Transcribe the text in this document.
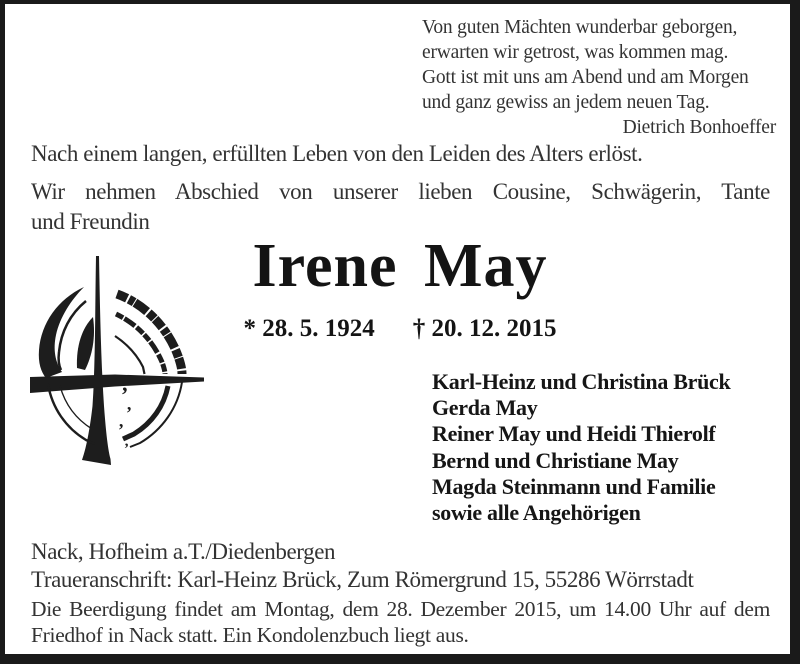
Von guten Mächten wunderbar geborgen,
erwarten wir getrost, was kommen mag.
Gott ist mit uns am Abend und am Morgen
und ganz gewiss an jedem neuen Tag.
Dietrich Bonhoeffer
Nach einem langen, erfüllten Leben von den Leiden des Alters erlöst.
Wir nehmen Abschied von unserer lieben Cousine, Schwägerin, Tante
und Freundin
Irene May
* 28. 5. 1924 † 20. 12. 2015
’
’
’
’
Karl-Heinz und Christina Brück
Gerda May
Reiner May und Heidi Thierolf
Bernd und Christiane May
Magda Steinmann und Familie
sowie alle Angehörigen
Nack, Hofheim a.T./Diedenbergen
Traueranschrift: Karl-Heinz Brück, Zum Römergrund 15, 55286 Wörrstadt
Die Beerdigung findet am Montag, dem 28. Dezember 2015, um 14.00 Uhr auf dem
Friedhof in Nack statt. Ein Kondolenzbuch liegt aus.
